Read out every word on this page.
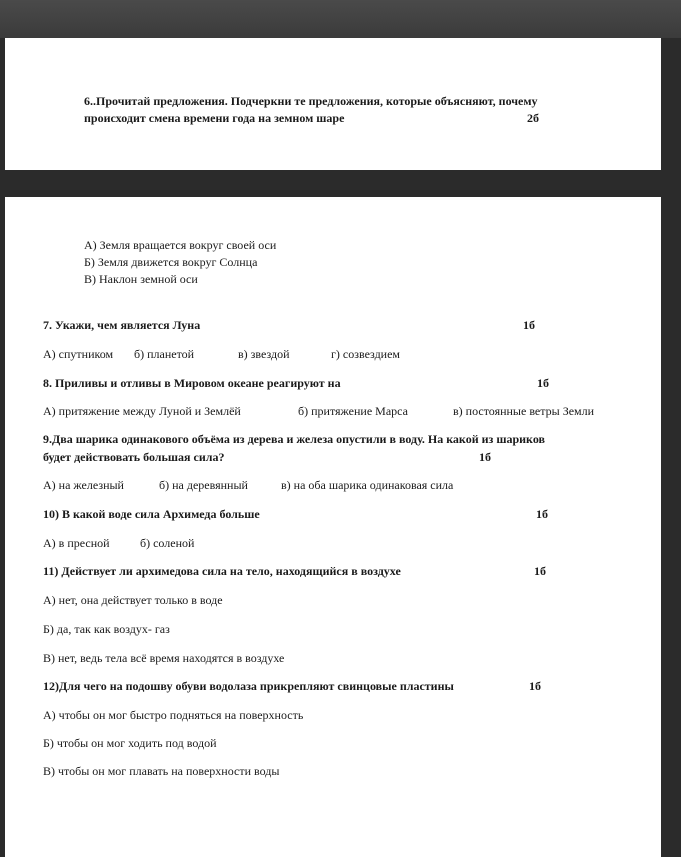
6..Прочитай предложения. Подчеркни те предложения, которые объясняют, почему
происходит смена времени года на земном шаре	2б
А) Земля вращается вокруг своей оси
Б) Земля движется вокруг Солнца
В) Наклон земной оси
7. Укажи, чем является Луна	1б
А) спутником б) планетой	в) звездой	г) созвездием
8. Приливы и отливы в Мировом океане реагируют на	1б
А) притяжение между Луной и Землёй	б) притяжение Марса	в) постоянные ветры Земли
9.Два шарика одинакового объёма из дерева и железа опустили в воду. На какой из шариков
будет действовать большая сила?	1б
А) на железный	б) на деревянный	в) на оба шарика одинаковая сила
10) В какой воде сила Архимеда больше	1б
А) в пресной	б) соленой
11) Действует ли архимедова сила на тело, находящийся в воздухе	1б
А) нет, она действует только в воде
Б) да, так как воздух- газ
В) нет, ведь тела всё время находятся в воздухе
12)Для чего на подошву обуви водолаза прикрепляют свинцовые пластины	1б
А) чтобы он мог быстро подняться на поверхность
Б) чтобы он мог ходить под водой
В) чтобы он мог плавать на поверхности воды
